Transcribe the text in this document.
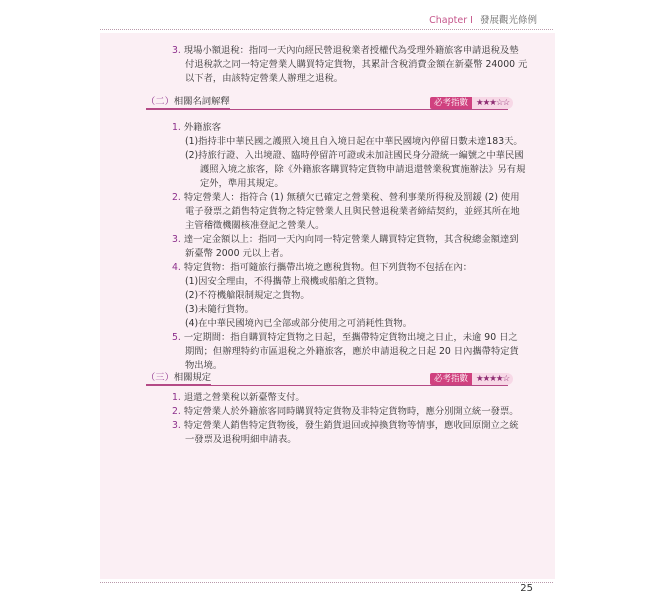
Chapter I 發展觀光條例
3. 現場小額退稅：指同一天內向經民營退稅業者授權代為受理外籍旅客申請退稅及墊
付退稅款之同一特定營業人購買特定貨物，其累計含稅消費金額在新臺幣 24000 元
以下者，由該特定營業人辦理之退稅。
（二）相關名詞解釋	必考指數 ★★★☆☆
1. 外籍旅客
(1)指持非中華民國之護照入境且自入境日起在中華民國境內停留日數未達183天。
(2)持旅行證、入出境證、臨時停留許可證或未加註國民身分證統一編號之中華民國
護照入境之旅客，除《外籍旅客購買特定貨物申請退還營業稅實施辦法》另有規
定外，準用其規定。
2. 特定營業人：指符合 (1) 無積欠已確定之營業稅、營利事業所得稅及罰鍰 (2) 使用
電子發票之銷售特定貨物之特定營業人且與民營退稅業者締結契約，並經其所在地
主管稽徵機關核准登記之營業人。
3. 達一定金額以上：指同一天內向同一特定營業人購買特定貨物，其含稅總金額達到
新臺幣 2000 元以上者。
4. 特定貨物：指可隨旅行攜帶出境之應稅貨物。但下列貨物不包括在內：
(1)因安全理由，不得攜帶上飛機或船舶之貨物。
(2)不符機艙限制規定之貨物。
(3)未隨行貨物。
(4)在中華民國境內已全部或部分使用之可消耗性貨物。
5. 一定期間：指自購買特定貨物之日起，至攜帶特定貨物出境之日止，未逾 90 日之
期間；但辦理特約市區退稅之外籍旅客，應於申請退稅之日起 20 日內攜帶特定貨
物出境。
（三）相關規定	必考指數 ★★★★☆
1. 退還之營業稅以新臺幣支付。
2. 特定營業人於外籍旅客同時購買特定貨物及非特定貨物時，應分別開立統一發票。
3. 特定營業人銷售特定貨物後，發生銷貨退回或掉換貨物等情事，應收回原開立之統
一發票及退稅明細申請表。
25
